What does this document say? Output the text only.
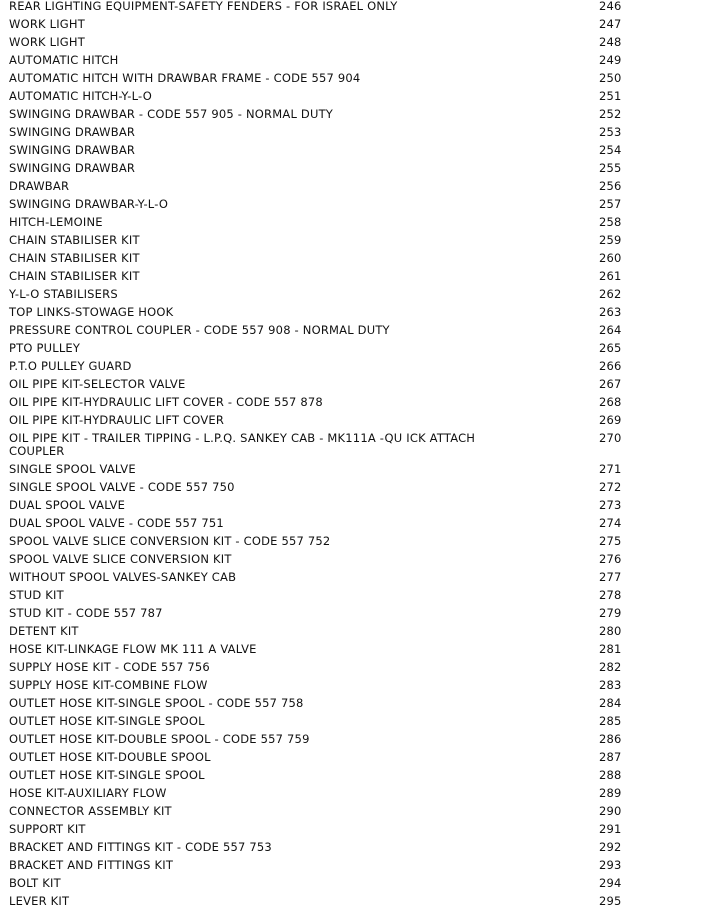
REAR LIGHTING EQUIPMENT-SAFETY FENDERS - FOR ISRAEL ONLY	246
WORK LIGHT	247
WORK LIGHT	248
AUTOMATIC HITCH	249
AUTOMATIC HITCH WITH DRAWBAR FRAME - CODE 557 904	250
AUTOMATIC HITCH-Y-L-O	251
SWINGING DRAWBAR - CODE 557 905 - NORMAL DUTY	252
SWINGING DRAWBAR	253
SWINGING DRAWBAR	254
SWINGING DRAWBAR	255
DRAWBAR	256
SWINGING DRAWBAR-Y-L-O	257
HITCH-LEMOINE	258
CHAIN STABILISER KIT	259
CHAIN STABILISER KIT	260
CHAIN STABILISER KIT	261
Y-L-O STABILISERS	262
TOP LINKS-STOWAGE HOOK	263
PRESSURE CONTROL COUPLER - CODE 557 908 - NORMAL DUTY	264
PTO PULLEY	265
P.T.O PULLEY GUARD	266
OIL PIPE KIT-SELECTOR VALVE	267
OIL PIPE KIT-HYDRAULIC LIFT COVER - CODE 557 878	268
OIL PIPE KIT-HYDRAULIC LIFT COVER	269
OIL PIPE KIT - TRAILER TIPPING - L.P.Q. SANKEY CAB - MK111A -QU ICK ATTACH COUPLER
270
SINGLE SPOOL VALVE	271
SINGLE SPOOL VALVE - CODE 557 750	272
DUAL SPOOL VALVE	273
DUAL SPOOL VALVE - CODE 557 751	274
SPOOL VALVE SLICE CONVERSION KIT - CODE 557 752	275
SPOOL VALVE SLICE CONVERSION KIT	276
WITHOUT SPOOL VALVES-SANKEY CAB	277
STUD KIT	278
STUD KIT - CODE 557 787	279
DETENT KIT	280
HOSE KIT-LINKAGE FLOW MK 111 A VALVE	281
SUPPLY HOSE KIT - CODE 557 756	282
SUPPLY HOSE KIT-COMBINE FLOW	283
OUTLET HOSE KIT-SINGLE SPOOL - CODE 557 758	284
OUTLET HOSE KIT-SINGLE SPOOL	285
OUTLET HOSE KIT-DOUBLE SPOOL - CODE 557 759	286
OUTLET HOSE KIT-DOUBLE SPOOL	287
OUTLET HOSE KIT-SINGLE SPOOL	288
HOSE KIT-AUXILIARY FLOW	289
CONNECTOR ASSEMBLY KIT	290
SUPPORT KIT	291
BRACKET AND FITTINGS KIT - CODE 557 753	292
BRACKET AND FITTINGS KIT	293
BOLT KIT	294
LEVER KIT	295
